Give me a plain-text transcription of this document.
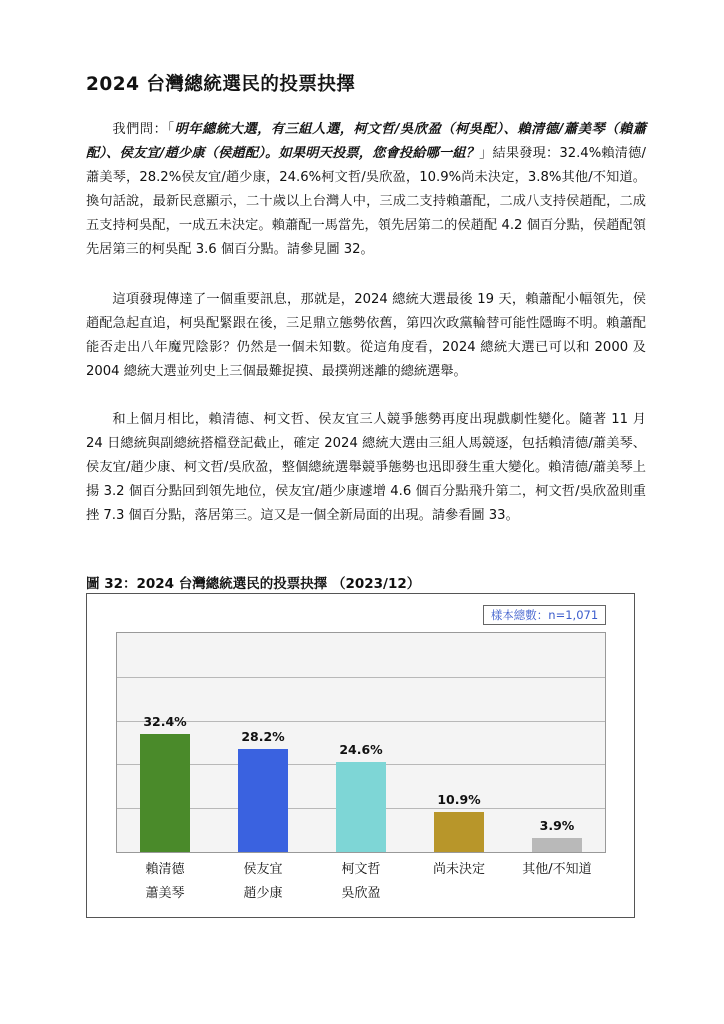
2024 台灣總統選民的投票抉擇

我們問：「明年總統大選，有三組人選，柯文哲/吳欣盈（柯吳配）、賴清德/蕭美琴（賴蕭配）、侯友宜/趙少康（侯趙配）。如果明天投票，您會投給哪一組？」結果發現：32.4%賴清德/蕭美琴，28.2%侯友宜/趙少康，24.6%柯文哲/吳欣盈，10.9%尚未決定，3.8%其他/不知道。換句話說，最新民意顯示，二十歲以上台灣人中，三成二支持賴蕭配，二成八支持侯趙配，二成五支持柯吳配，一成五未決定。賴蕭配一馬當先，領先居第二的侯趙配 4.2 個百分點，侯趙配領先居第三的柯吳配 3.6 個百分點。請參見圖 32。

這項發現傳達了一個重要訊息，那就是，2024 總統大選最後 19 天，賴蕭配小幅領先，侯趙配急起直追，柯吳配緊跟在後，三足鼎立態勢依舊，第四次政黨輪替可能性隱晦不明。賴蕭配能否走出八年魔咒陰影？仍然是一個未知數。從這角度看，2024 總統大選已可以和 2000 及 2004 總統大選並列史上三個最難捉摸、最撲朔迷離的總統選舉。

和上個月相比，賴清德、柯文哲、侯友宜三人競爭態勢再度出現戲劇性變化。隨著 11 月 24 日總統與副總統搭檔登記截止，確定 2024 總統大選由三組人馬競逐，包括賴清德/蕭美琴、侯友宜/趙少康、柯文哲/吳欣盈，整個總統選舉競爭態勢也迅即發生重大變化。賴清德/蕭美琴上揚 3.2 個百分點回到領先地位，侯友宜/趙少康遽增 4.6 個百分點飛升第二，柯文哲/吳欣盈則重挫 7.3 個百分點，落居第三。這又是一個全新局面的出現。請參看圖 33。

圖 32：2024 台灣總統選民的投票抉擇 （2023/12）
樣本總數：n=1,071
32.4%
賴清德
蕭美琴
28.2%
侯友宜
趙少康
24.6%
柯文哲
吳欣盈
10.9%
尚未決定
3.9%
其他/不知道
